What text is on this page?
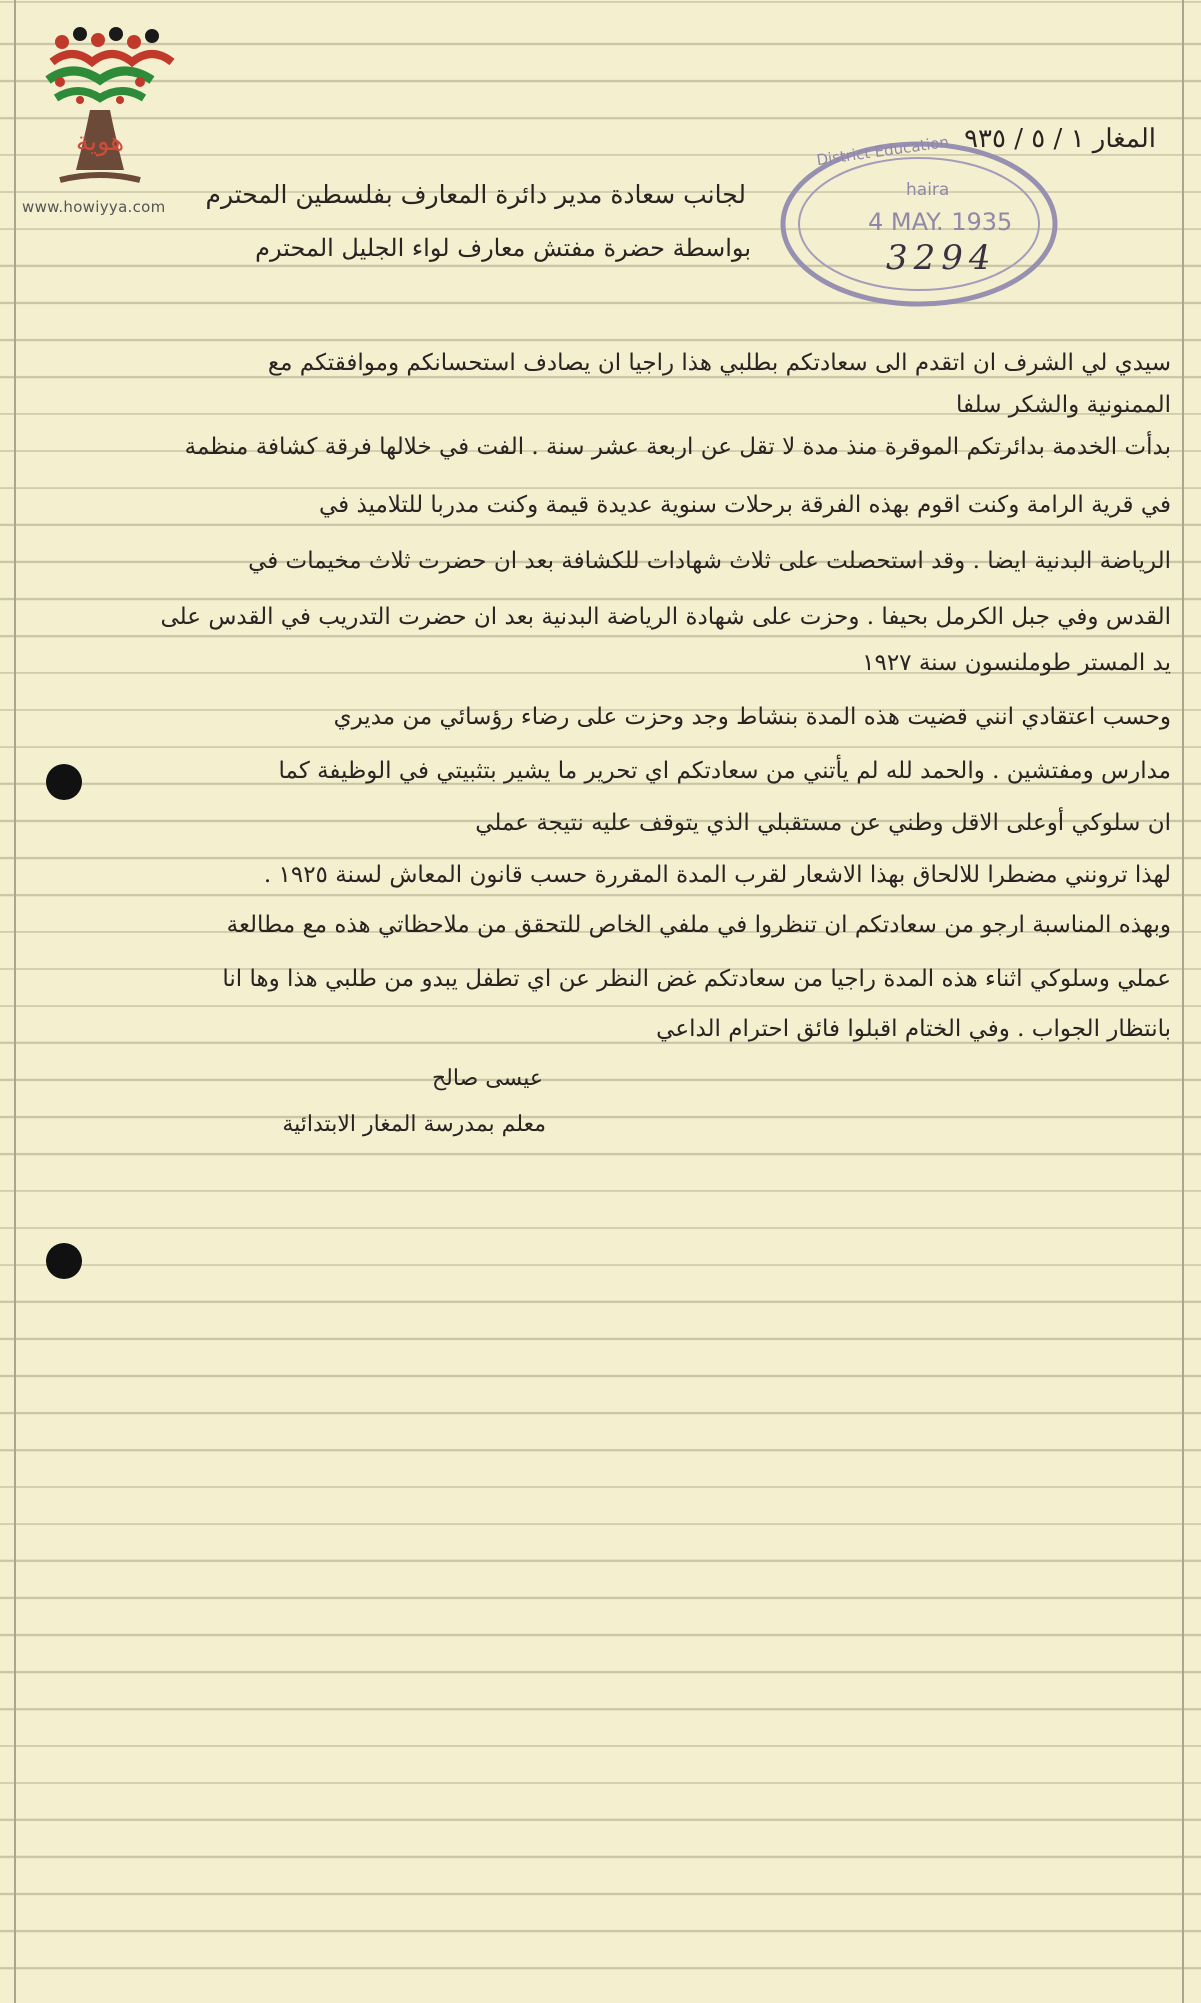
هوية
www.howiyya.com
District Education
haira
4 MAY. 1935
3294
المغار ١ / ٥ / ٩٣٥
لجانب سعادة مدير دائرة المعارف بفلسطين المحترم
بواسطة حضرة مفتش معارف لواء الجليل المحترم
سيدي لي الشرف ان اتقدم الى سعادتكم بطلبي هذا راجيا ان يصادف استحسانكم وموافقتكم مع
الممنونية والشكر سلفا
بدأت الخدمة بدائرتكم الموقرة منذ مدة لا تقل عن اربعة عشر سنة . الفت في خلالها فرقة كشافة منظمة
في قرية الرامة وكنت اقوم بهذه الفرقة برحلات سنوية عديدة قيمة وكنت مدربا للتلاميذ في
الرياضة البدنية ايضا . وقد استحصلت على ثلاث شهادات للكشافة بعد ان حضرت ثلاث مخيمات في
القدس وفي جبل الكرمل بحيفا . وحزت على شهادة الرياضة البدنية بعد ان حضرت التدريب في القدس على
يد المستر طوملنسون سنة ١٩٢٧
وحسب اعتقادي انني قضيت هذه المدة بنشاط وجد وحزت على رضاء رؤسائي من مديري
مدارس ومفتشين . والحمد لله لم يأتني من سعادتكم اي تحرير ما يشير بتثبيتي في الوظيفة كما
ان سلوكي أوعلى الاقل وطني عن مستقبلي الذي يتوقف عليه نتيجة عملي
لهذا ترونني مضطرا للالحاق بهذا الاشعار لقرب المدة المقررة حسب قانون المعاش لسنة ١٩٢٥ .
وبهذه المناسبة ارجو من سعادتكم ان تنظروا في ملفي الخاص للتحقق من ملاحظاتي هذه مع مطالعة
عملي وسلوكي اثناء هذه المدة راجيا من سعادتكم غض النظر عن اي تطفل يبدو من طلبي هذا وها انا
بانتظار الجواب . وفي الختام اقبلوا فائق احترام الداعي
عيسى صالح
معلم بمدرسة المغار الابتدائية
